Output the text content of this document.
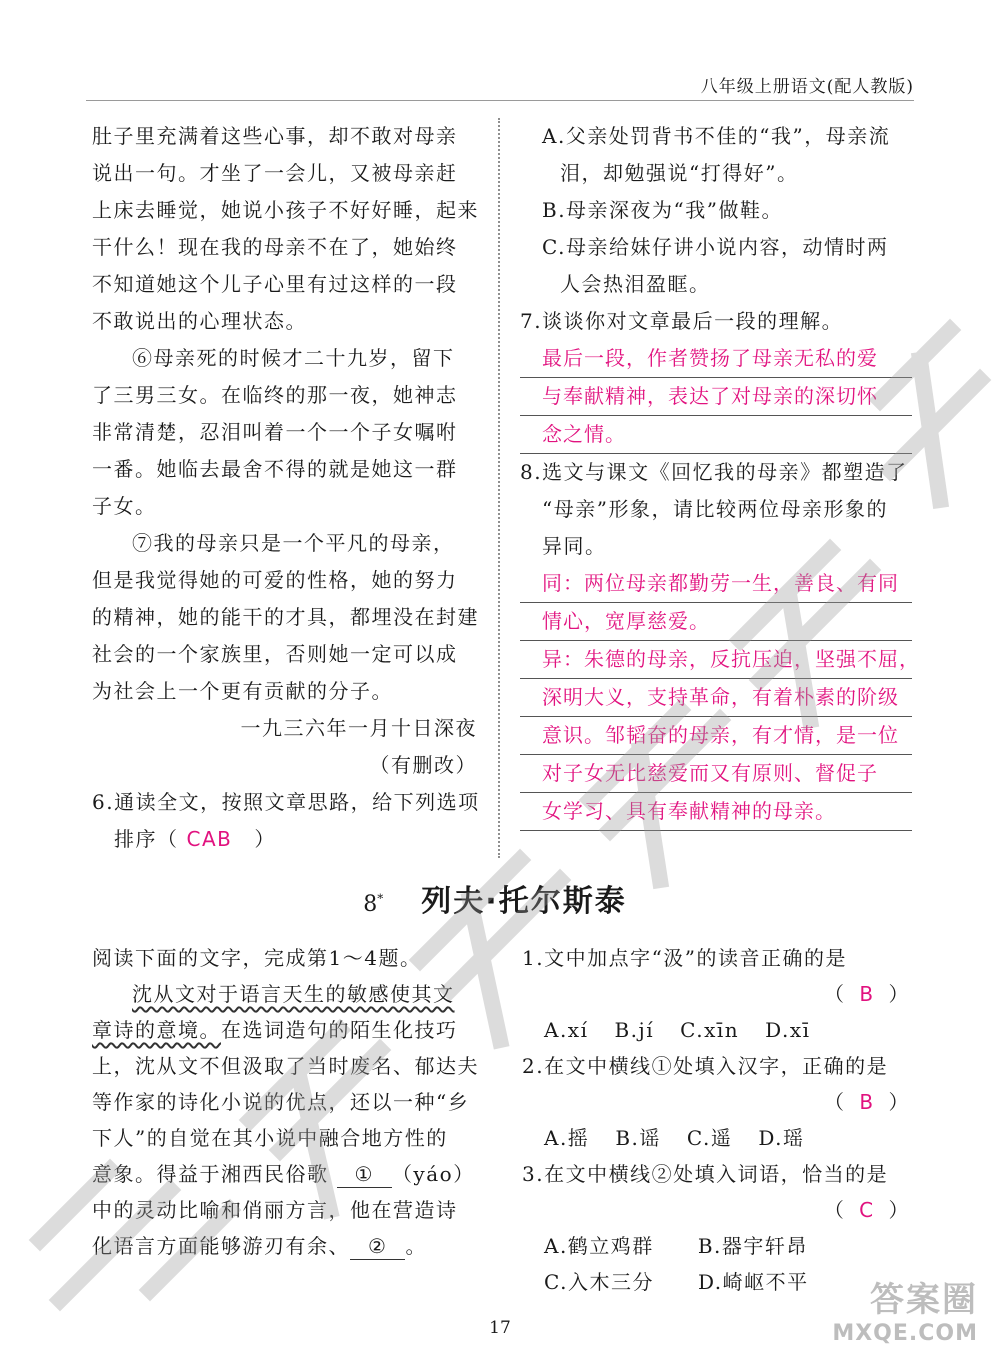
八年级上册语文(配人教版)
肚子里充满着这些心事，却不敢对母亲
说出一句。才坐了一会儿，又被母亲赶
上床去睡觉，她说小孩子不好好睡，起来
干什么！现在我的母亲不在了，她始终
不知道她这个儿子心里有过这样的一段
不敢说出的心理状态。
⑥母亲死的时候才二十九岁，留下
了三男三女。在临终的那一夜，她神志
非常清楚，忍泪叫着一个一个子女嘱咐
一番。她临去最舍不得的就是她这一群
子女。
⑦我的母亲只是一个平凡的母亲，
但是我觉得她的可爱的性格，她的努力
的精神，她的能干的才具，都埋没在封建
社会的一个家族里，否则她一定可以成
为社会上一个更有贡献的分子。
一九三六年一月十日深夜
（有删改）
6.通读全文，按照文章思路，给下列选项
排序（ CAB ）
A.父亲处罚背书不佳的“我”，母亲流
泪，却勉强说“打得好”。
B.母亲深夜为“我”做鞋。
C.母亲给妹仔讲小说内容，动情时两
人会热泪盈眶。
7.谈谈你对文章最后一段的理解。
最后一段，作者赞扬了母亲无私的爱
与奉献精神，表达了对母亲的深切怀
念之情。
8.选文与课文《回忆我的母亲》都塑造了
“母亲”形象，请比较两位母亲形象的
异同。
同：两位母亲都勤劳一生，善良、有同
情心，宽厚慈爱。
异：朱德的母亲，反抗压迫，坚强不屈，
深明大义，支持革命，有着朴素的阶级
意识。邹韬奋的母亲，有才情，是一位
对子女无比慈爱而又有原则、督促子
女学习、具有奉献精神的母亲。
8* 列夫·托尔斯泰
阅读下面的文字，完成第1～4题。
沈从文对于语言天生的敏感使其文
章诗的意境。在选词造句的陌生化技巧
上，沈从文不但汲取了当时废名、郁达夫
等作家的诗化小说的优点，还以一种“乡
下人”的自觉在其小说中融合地方性的
意象。得益于湘西民俗歌 ① （yáo）
中的灵动比喻和俏丽方言，他在营造诗
化语言方面能够游刃有余、 ② 。
1.文中加点字“汲”的读音正确的是
（ B ）
A.xí B.jí C.xīn D.xī
2.在文中横线①处填入汉字，正确的是
（ B ）
A.摇 B.谣 C.遥 D.瑶
3.在文中横线②处填入词语，恰当的是
（ C ）
A.鹤立鸡群 B.器宇轩昂
C.入木三分 D.崎岖不平
17
答案圈
MXQE.COM
